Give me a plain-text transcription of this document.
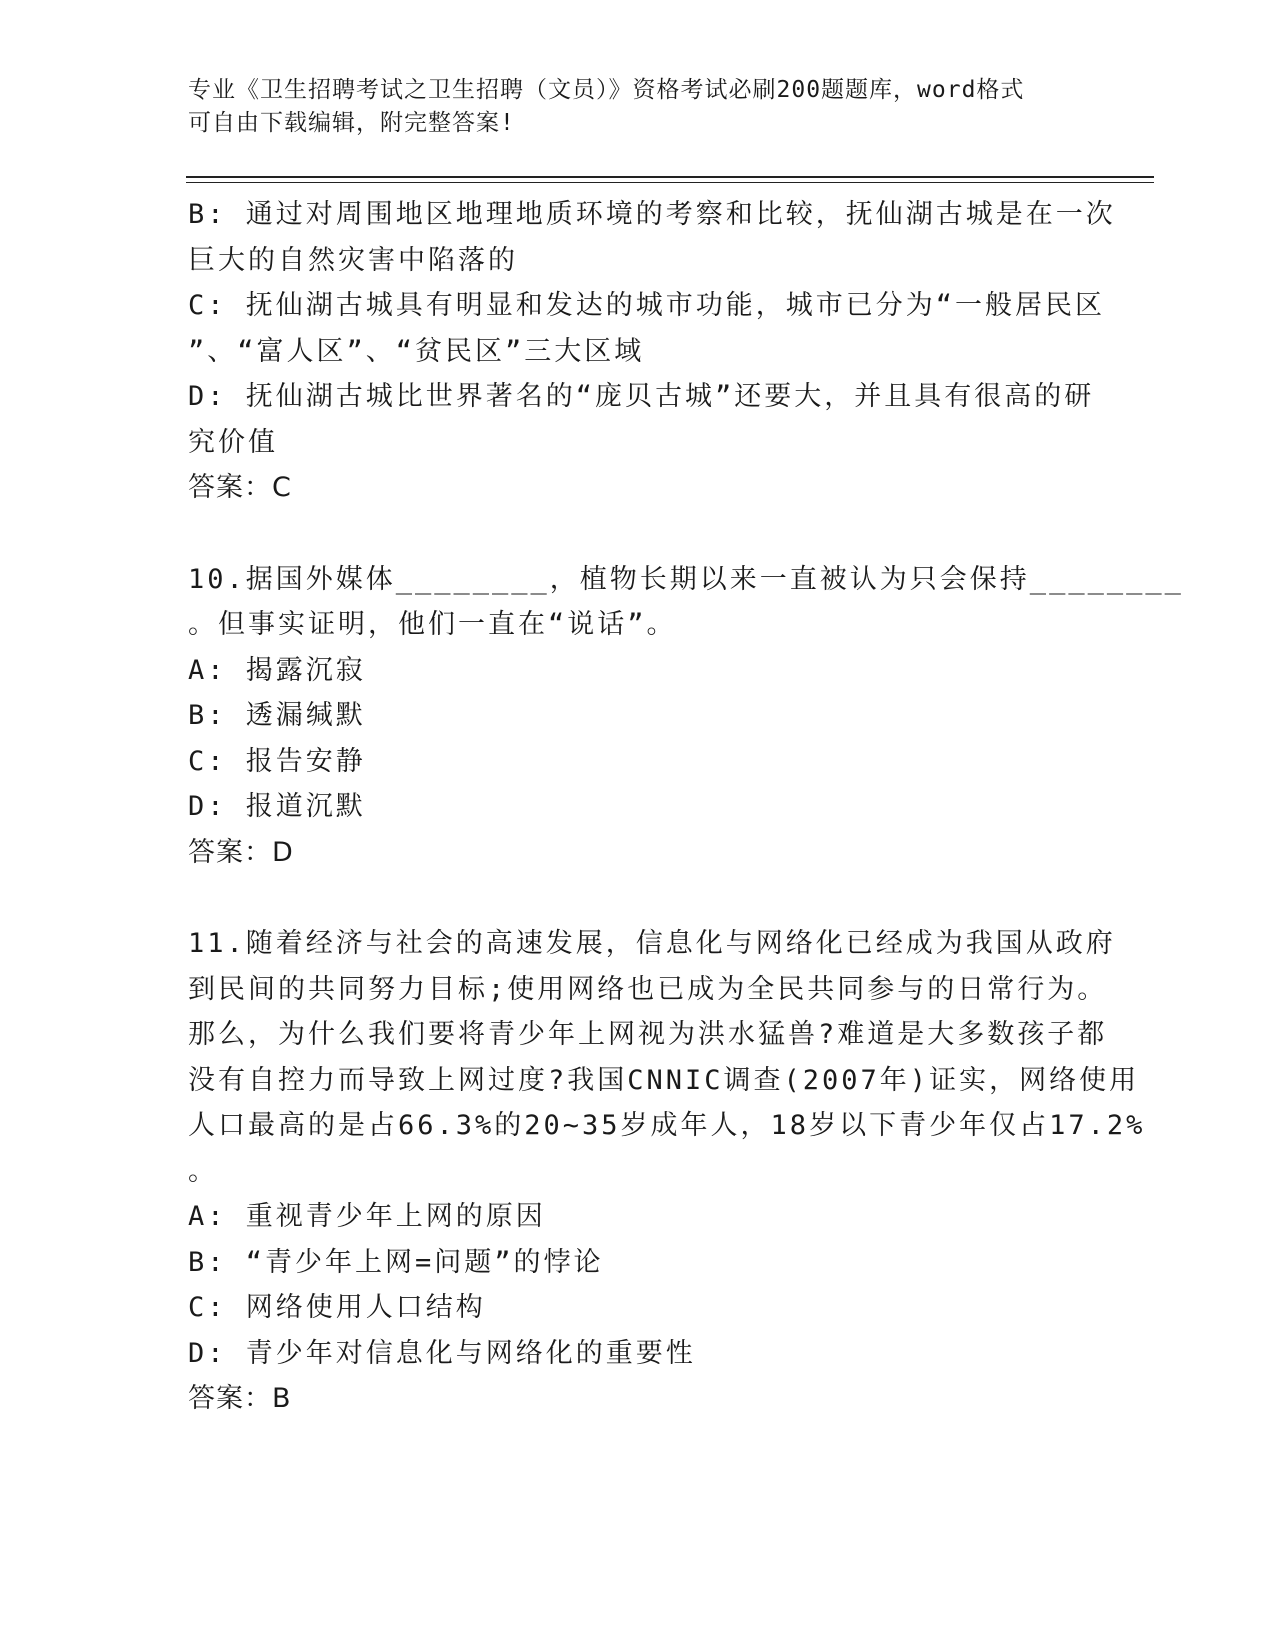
专业《卫生招聘考试之卫生招聘（文员）》资格考试必刷200题题库，word格式
可自由下载编辑，附完整答案!
B: 通过对周围地区地理地质环境的考察和比较，抚仙湖古城是在一次
巨大的自然灾害中陷落的
C: 抚仙湖古城具有明显和发达的城市功能，城市已分为“一般居民区
”、“富人区”、“贫民区”三大区域
D: 抚仙湖古城比世界著名的“庞贝古城”还要大，并且具有很高的研
究价值
答案：C
10.据国外媒体________，植物长期以来一直被认为只会保持________
。但事实证明，他们一直在“说话”。
A: 揭露沉寂
B: 透漏缄默
C: 报告安静
D: 报道沉默
答案：D
11.随着经济与社会的高速发展，信息化与网络化已经成为我国从政府
到民间的共同努力目标;使用网络也已成为全民共同参与的日常行为。
那么，为什么我们要将青少年上网视为洪水猛兽?难道是大多数孩子都
没有自控力而导致上网过度?我国CNNIC调查(2007年)证实，网络使用
人口最高的是占66.3%的20~35岁成年人，18岁以下青少年仅占17.2%
。
A: 重视青少年上网的原因
B: “青少年上网=问题”的悖论
C: 网络使用人口结构
D: 青少年对信息化与网络化的重要性
答案：B
